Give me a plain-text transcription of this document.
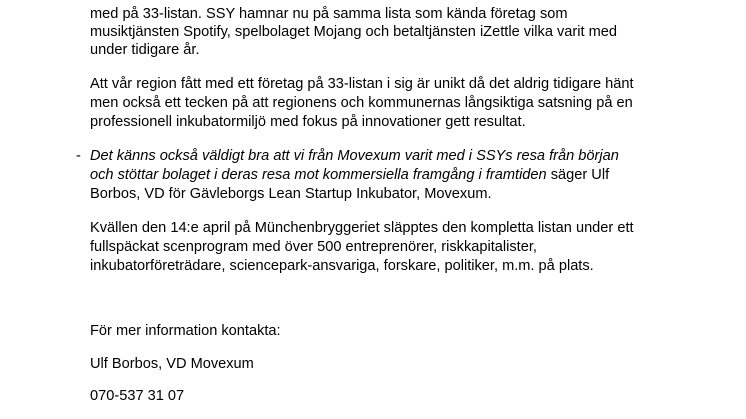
med på 33-listan. SSY hamnar nu på samma lista som kända företag som
musiktjänsten Spotify, spelbolaget Mojang och betaltjänsten iZettle vilka varit med
under tidigare år.
Att vår region fått med ett företag på 33-listan i sig är unikt då det aldrig tidigare hänt
men också ett tecken på att regionens och kommunernas långsiktiga satsning på en
professionell inkubatormiljö med fokus på innovationer gett resultat.
- Det känns också väldigt bra att vi från Movexum varit med i SSYs resa från början
och stöttar bolaget i deras resa mot kommersiella framgång i framtiden säger Ulf
Borbos, VD för Gävleborgs Lean Startup Inkubator, Movexum.
Kvällen den 14:e april på Münchenbryggeriet släpptes den kompletta listan under ett
fullspäckat scenprogram med över 500 entreprenörer, riskkapitalister,
inkubatorföreträdare, sciencepark-ansvariga, forskare, politiker, m.m. på plats.
För mer information kontakta:
Ulf Borbos, VD Movexum
070-537 31 07
